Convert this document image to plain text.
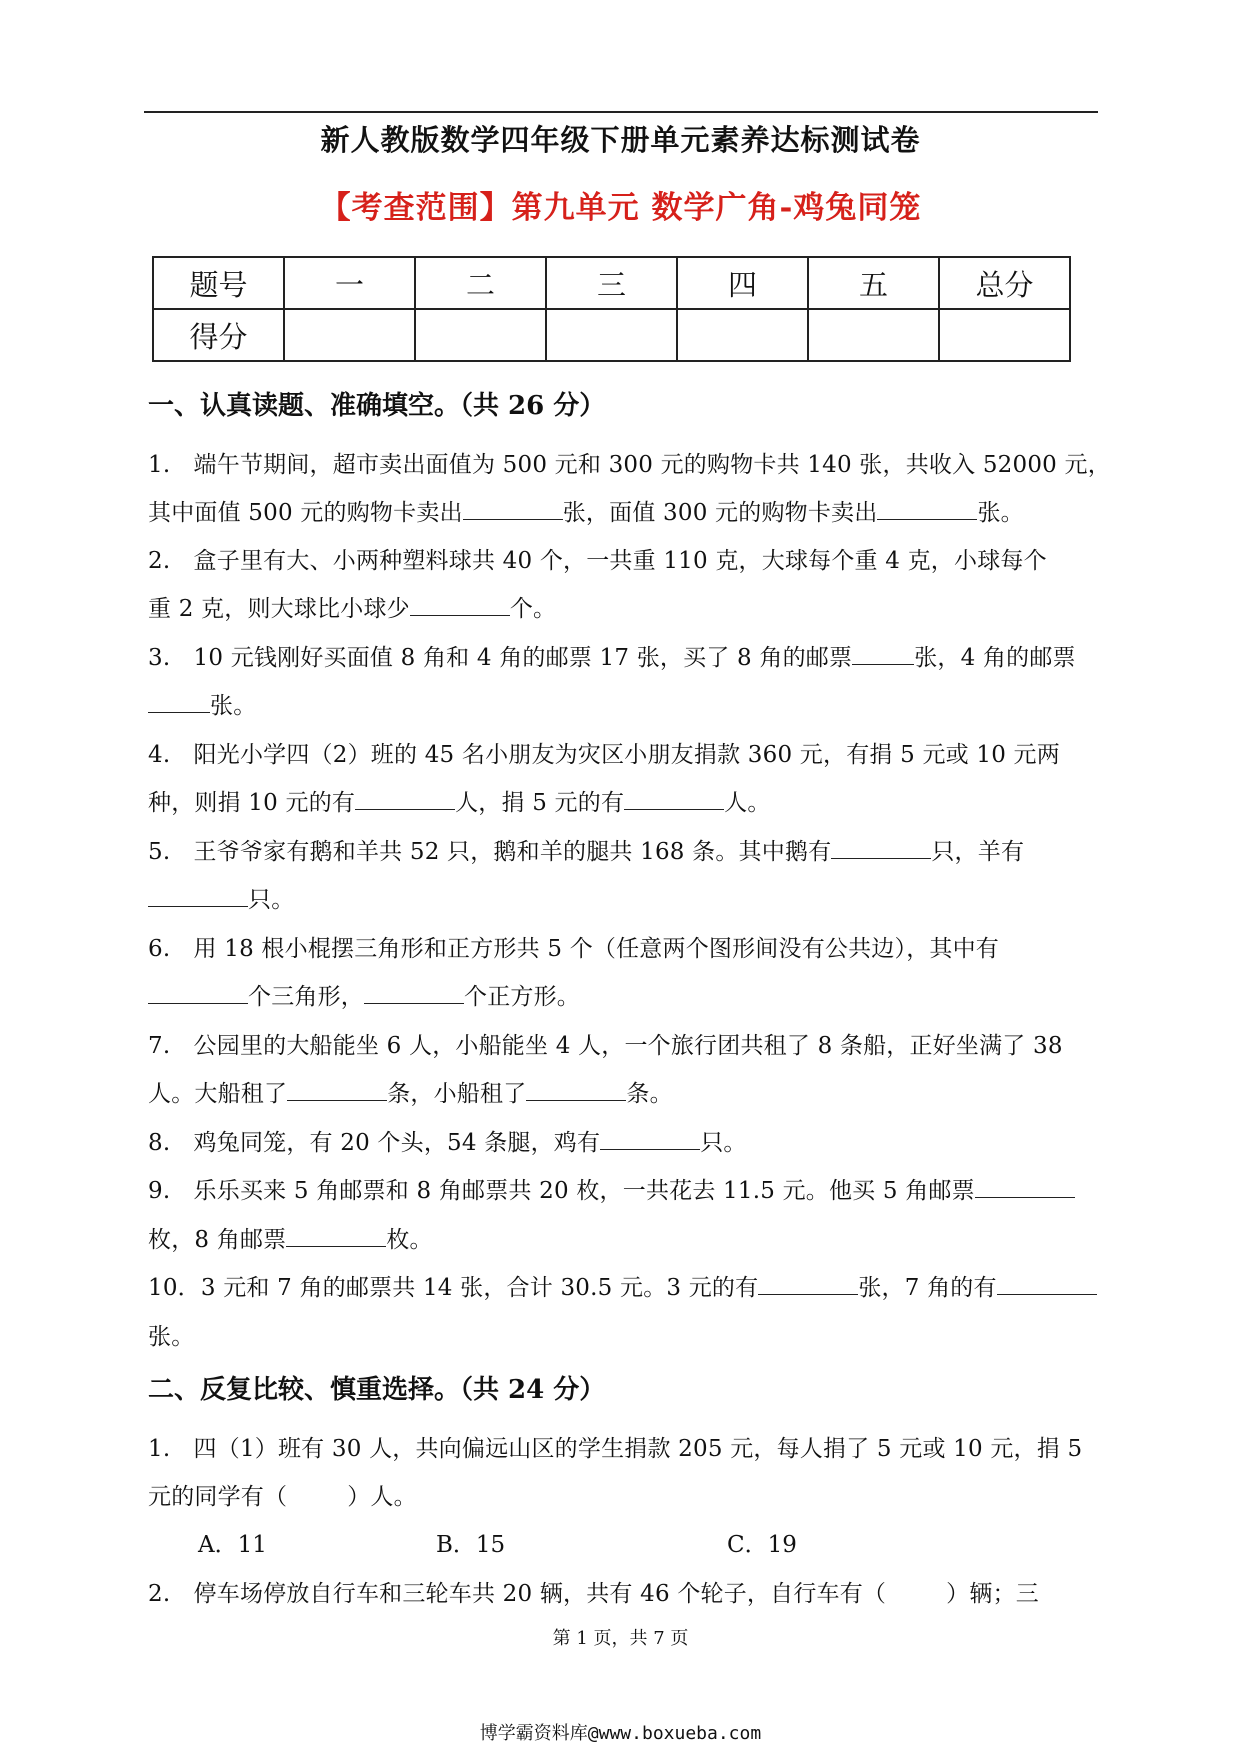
新人教版数学四年级下册单元素养达标测试卷
【考查范围】第九单元 数学广角-鸡兔同笼
题号	一	二	三	四	五	总分
得分						
一、认真读题、准确填空。（共 26 分）
1.　端午节期间，超市卖出面值为 500 元和 300 元的购物卡共 140 张，共收入 52000 元，
其中面值 500 元的购物卡卖出	张，面值 300 元的购物卡卖出	张。
2.　盒子里有大、小两种塑料球共 40 个，一共重 110 克，大球每个重 4 克，小球每个
重 2 克，则大球比小球少	个。
3.　10 元钱刚好买面值 8 角和 4 角的邮票 17 张，买了 8 角的邮票	张，4 角的邮票
张。
4.　阳光小学四（2）班的 45 名小朋友为灾区小朋友捐款 360 元，有捐 5 元或 10 元两
种，则捐 10 元的有	人，捐 5 元的有	人。
5.　王爷爷家有鹅和羊共 52 只，鹅和羊的腿共 168 条。其中鹅有	只，羊有
只。
6.　用 18 根小棍摆三角形和正方形共 5 个（任意两个图形间没有公共边），其中有
个三角形，	个正方形。
7.　公园里的大船能坐 6 人，小船能坐 4 人，一个旅行团共租了 8 条船，正好坐满了 38
人。大船租了	条，小船租了	条。
8.　鸡兔同笼，有 20 个头，54 条腿，鸡有	只。
9.　乐乐买来 5 角邮票和 8 角邮票共 20 枚，一共花去 11.5 元。他买 5 角邮票
枚，8 角邮票	枚。
10．3 元和 7 角的邮票共 14 张，合计 30.5 元。3 元的有	张，7 角的有
张。
二、反复比较、慎重选择。（共 24 分）
1.　四（1）班有 30 人，共向偏远山区的学生捐款 205 元，每人捐了 5 元或 10 元，捐 5
元的同学有（	）人。
A．11	B．15	C．19
2.　停车场停放自行车和三轮车共 20 辆，共有 46 个轮子，自行车有（	）辆；三
第 1 页，共 7 页
博学霸资料库@www.boxueba.com
